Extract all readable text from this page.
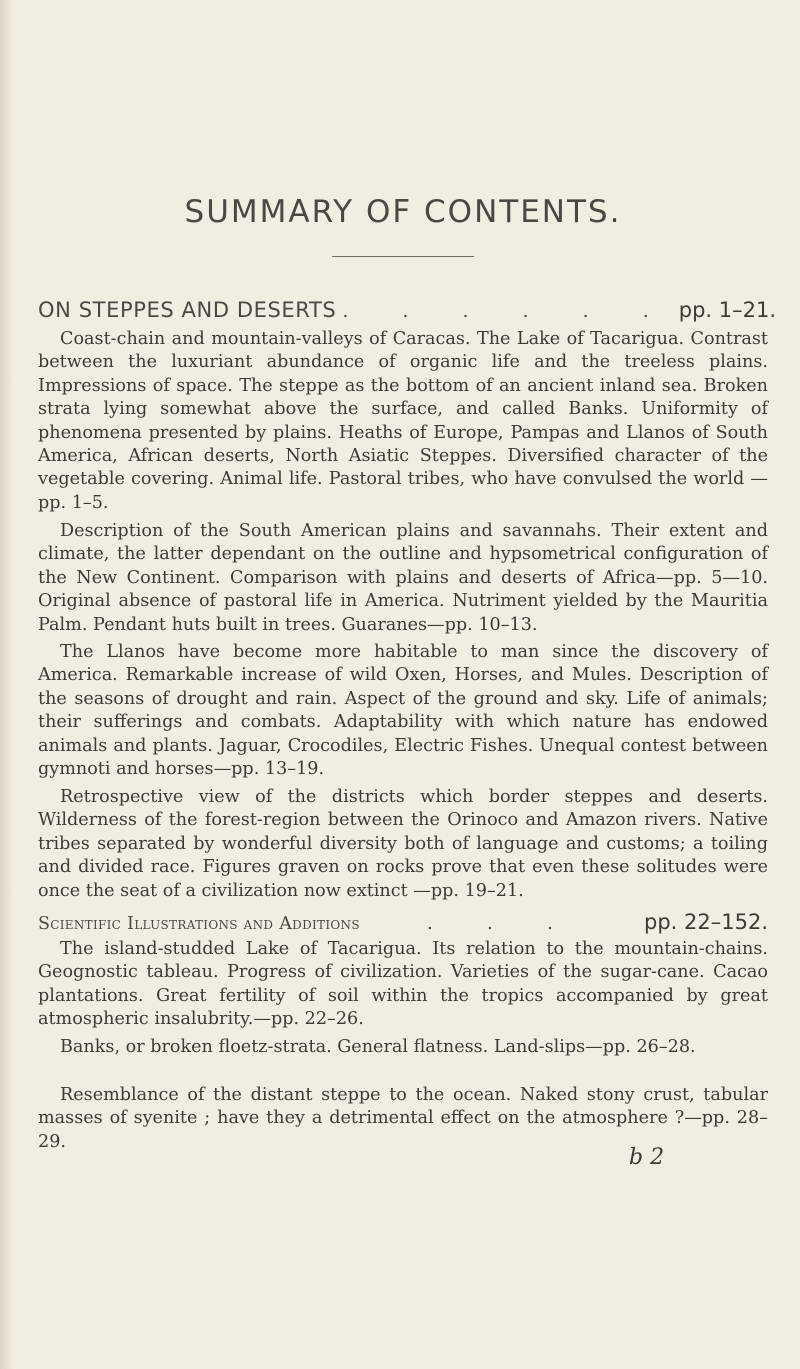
SUMMARY OF CONTENTS.
ON STEPPES AND DESERTS . . . . . . pp. 1–21.

Coast-chain and mountain-valleys of Caracas. The Lake of Tacarigua. Contrast between the luxuriant abundance of organic life and the treeless plains. Impressions of space. The steppe as the bottom of an ancient inland sea. Broken strata lying somewhat above the surface, and called Banks. Uniformity of phenomena presented by plains. Heaths of Europe, Pampas and Llanos of South America, African deserts, North Asiatic Steppes. Diversified character of the vegetable covering. Animal life. Pastoral tribes, who have convulsed the world —pp. 1–5.

Description of the South American plains and savannahs. Their extent and climate, the latter dependant on the outline and hypsometrical configuration of the New Continent. Comparison with plains and deserts of Africa—pp. 5—10. Original absence of pastoral life in America. Nutriment yielded by the Mauritia Palm. Pendant huts built in trees. Guaranes—pp. 10–13.

The Llanos have become more habitable to man since the discovery of America. Remarkable increase of wild Oxen, Horses, and Mules. Description of the seasons of drought and rain. Aspect of the ground and sky. Life of animals; their sufferings and combats. Adaptability with which nature has endowed animals and plants. Jaguar, Crocodiles, Electric Fishes. Unequal contest between gymnoti and horses—pp. 13–19.

Retrospective view of the districts which border steppes and deserts. Wilderness of the forest-region between the Orinoco and Amazon rivers. Native tribes separated by wonderful diversity both of language and customs; a toiling and divided race. Figures graven on rocks prove that even these solitudes were once the seat of a civilization now extinct —pp. 19–21.

Scientific Illustrations and Additions	. . .	pp. 22–152.

The island-studded Lake of Tacarigua. Its relation to the mountain-chains. Geognostic tableau. Progress of civilization. Varieties of the sugar-cane. Cacao plantations. Great fertility of soil within the tropics accompanied by great atmospheric insalubrity.—pp. 22–26.

Banks, or broken floetz-strata. General flatness. Land-slips—pp. 26–28.

Resemblance of the distant steppe to the ocean. Naked stony crust, tabular masses of syenite ; have they a detrimental effect on the atmosphere ?—pp. 28–29.

b 2
